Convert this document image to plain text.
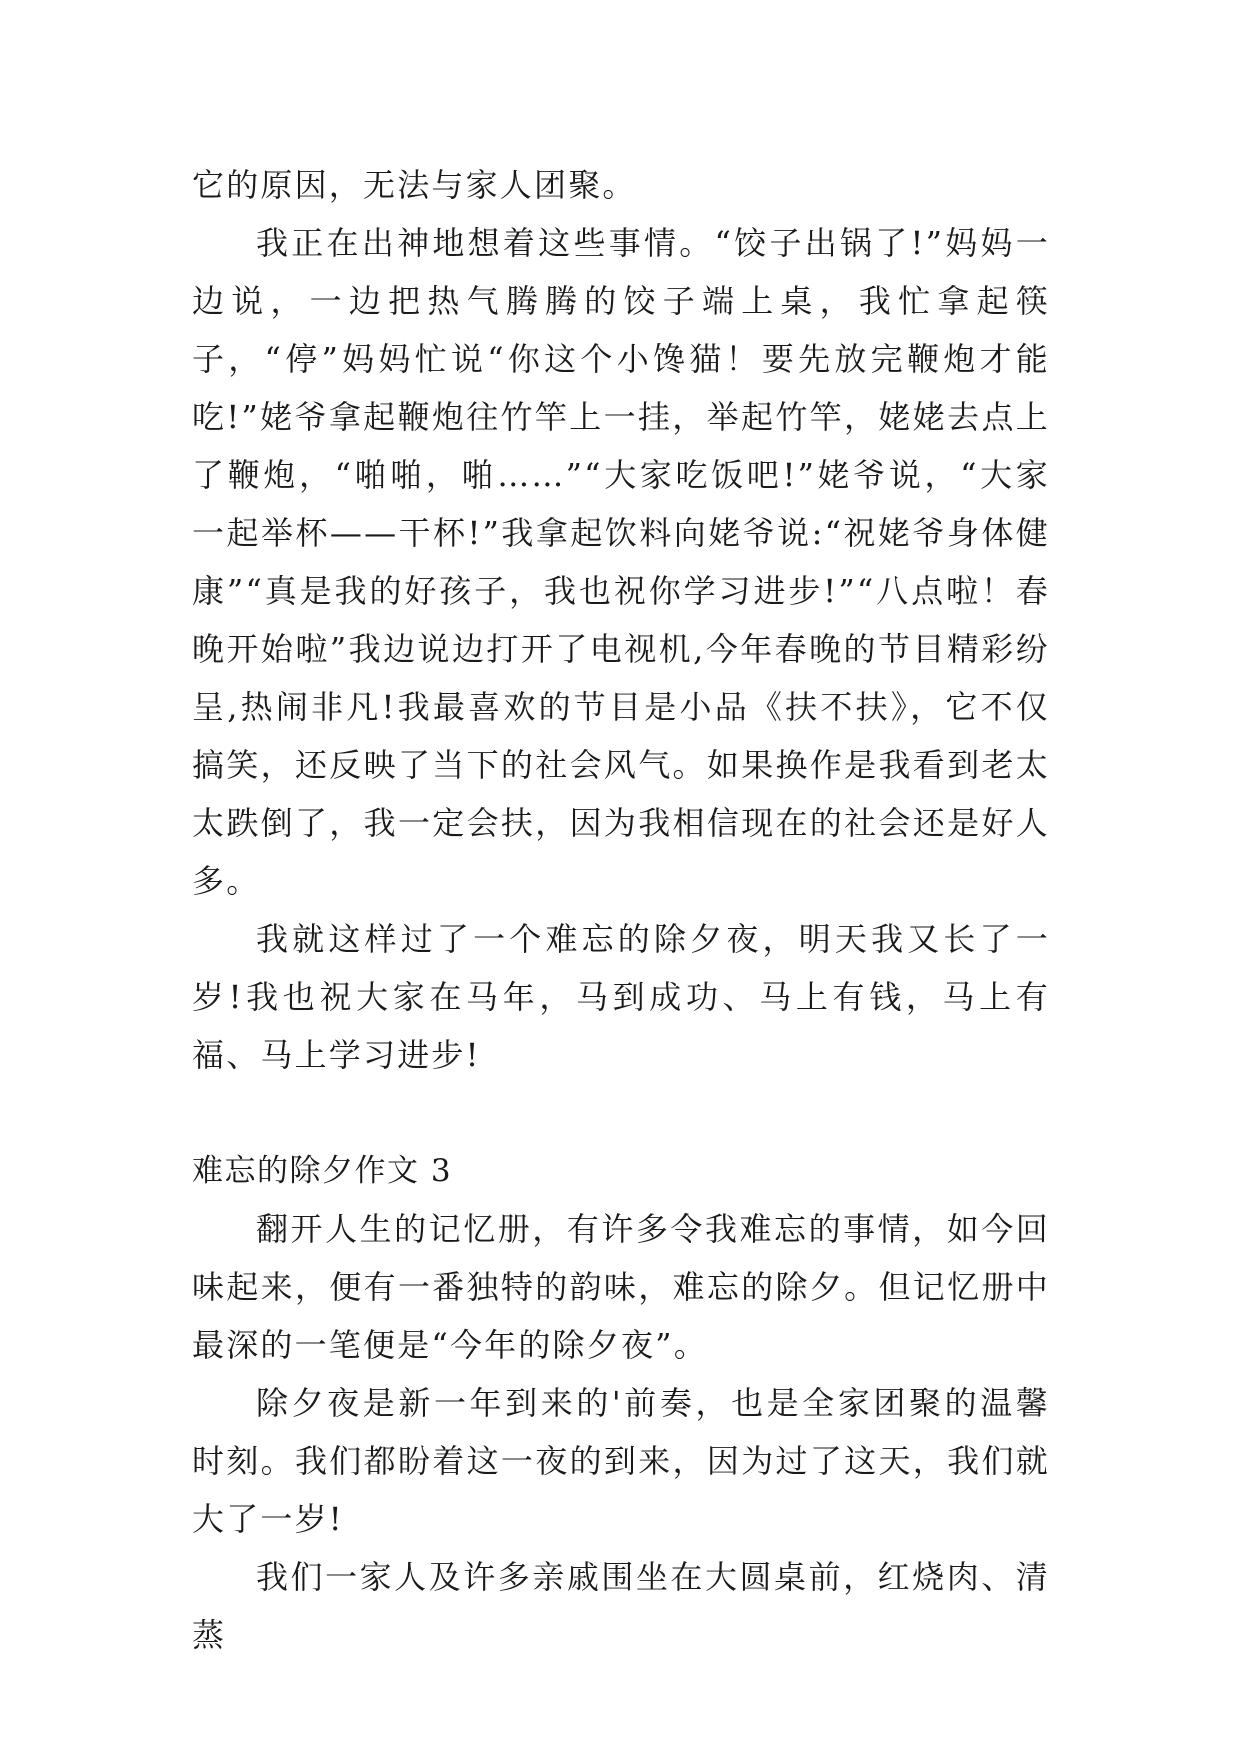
它的原因，无法与家人团聚。

我正在出神地想着这些事情。“饺子出锅了!”妈妈一边说，一边把热气腾腾的饺子端上桌，我忙拿起筷子，“停”妈妈忙说“你这个小馋猫！要先放完鞭炮才能吃!”姥爷拿起鞭炮往竹竿上一挂，举起竹竿，姥姥去点上了鞭炮，“啪啪，啪……”“大家吃饭吧!”姥爷说，“大家一起举杯——干杯!”我拿起饮料向姥爷说:“祝姥爷身体健康”“真是我的好孩子，我也祝你学习进步!”“八点啦！春晚开始啦”我边说边打开了电视机,今年春晚的节目精彩纷呈,热闹非凡!我最喜欢的节目是小品《扶不扶》，它不仅搞笑，还反映了当下的社会风气。如果换作是我看到老太太跌倒了，我一定会扶，因为我相信现在的社会还是好人多。

我就这样过了一个难忘的除夕夜，明天我又长了一岁!我也祝大家在马年，马到成功、马上有钱，马上有福、马上学习进步!

难忘的除夕作文 3

翻开人生的记忆册，有许多令我难忘的事情，如今回味起来，便有一番独特的韵味，难忘的除夕。但记忆册中最深的一笔便是“今年的除夕夜”。

除夕夜是新一年到来的'前奏，也是全家团聚的温馨时刻。我们都盼着这一夜的到来，因为过了这天，我们就大了一岁!

我们一家人及许多亲戚围坐在大圆桌前，红烧肉、清蒸
